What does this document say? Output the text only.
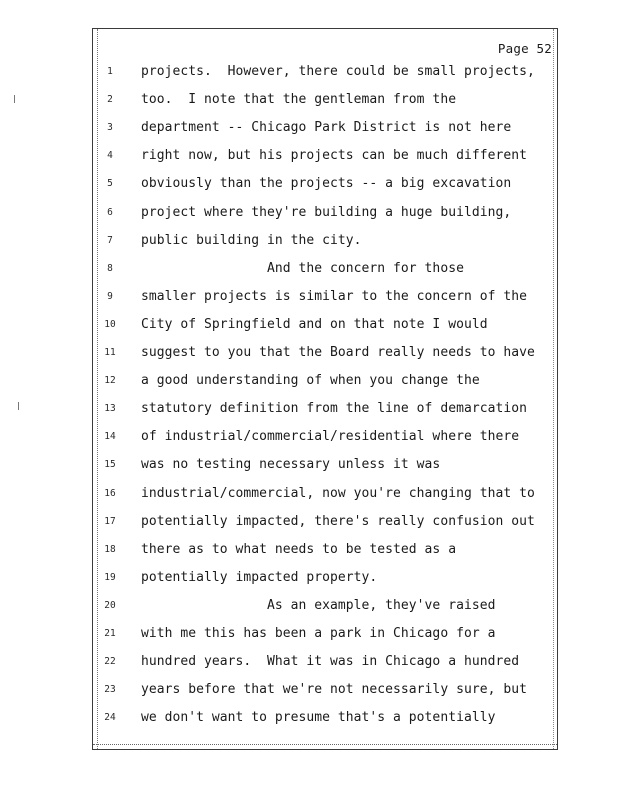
Page 52
1	projects.  However, there could be small projects,
2	too.  I note that the gentleman from the
3	department -- Chicago Park District is not here
4	right now, but his projects can be much different
5	obviously than the projects -- a big excavation
6	project where they're building a huge building,
7	public building in the city.
8	And the concern for those
9	smaller projects is similar to the concern of the
10	City of Springfield and on that note I would
11	suggest to you that the Board really needs to have
12	a good understanding of when you change the
13	statutory definition from the line of demarcation
14	of industrial/commercial/residential where there
15	was no testing necessary unless it was
16	industrial/commercial, now you're changing that to
17	potentially impacted, there's really confusion out
18	there as to what needs to be tested as a
19	potentially impacted property.
20	As an example, they've raised
21	with me this has been a park in Chicago for a
22	hundred years.  What it was in Chicago a hundred
23	years before that we're not necessarily sure, but
24	we don't want to presume that's a potentially
